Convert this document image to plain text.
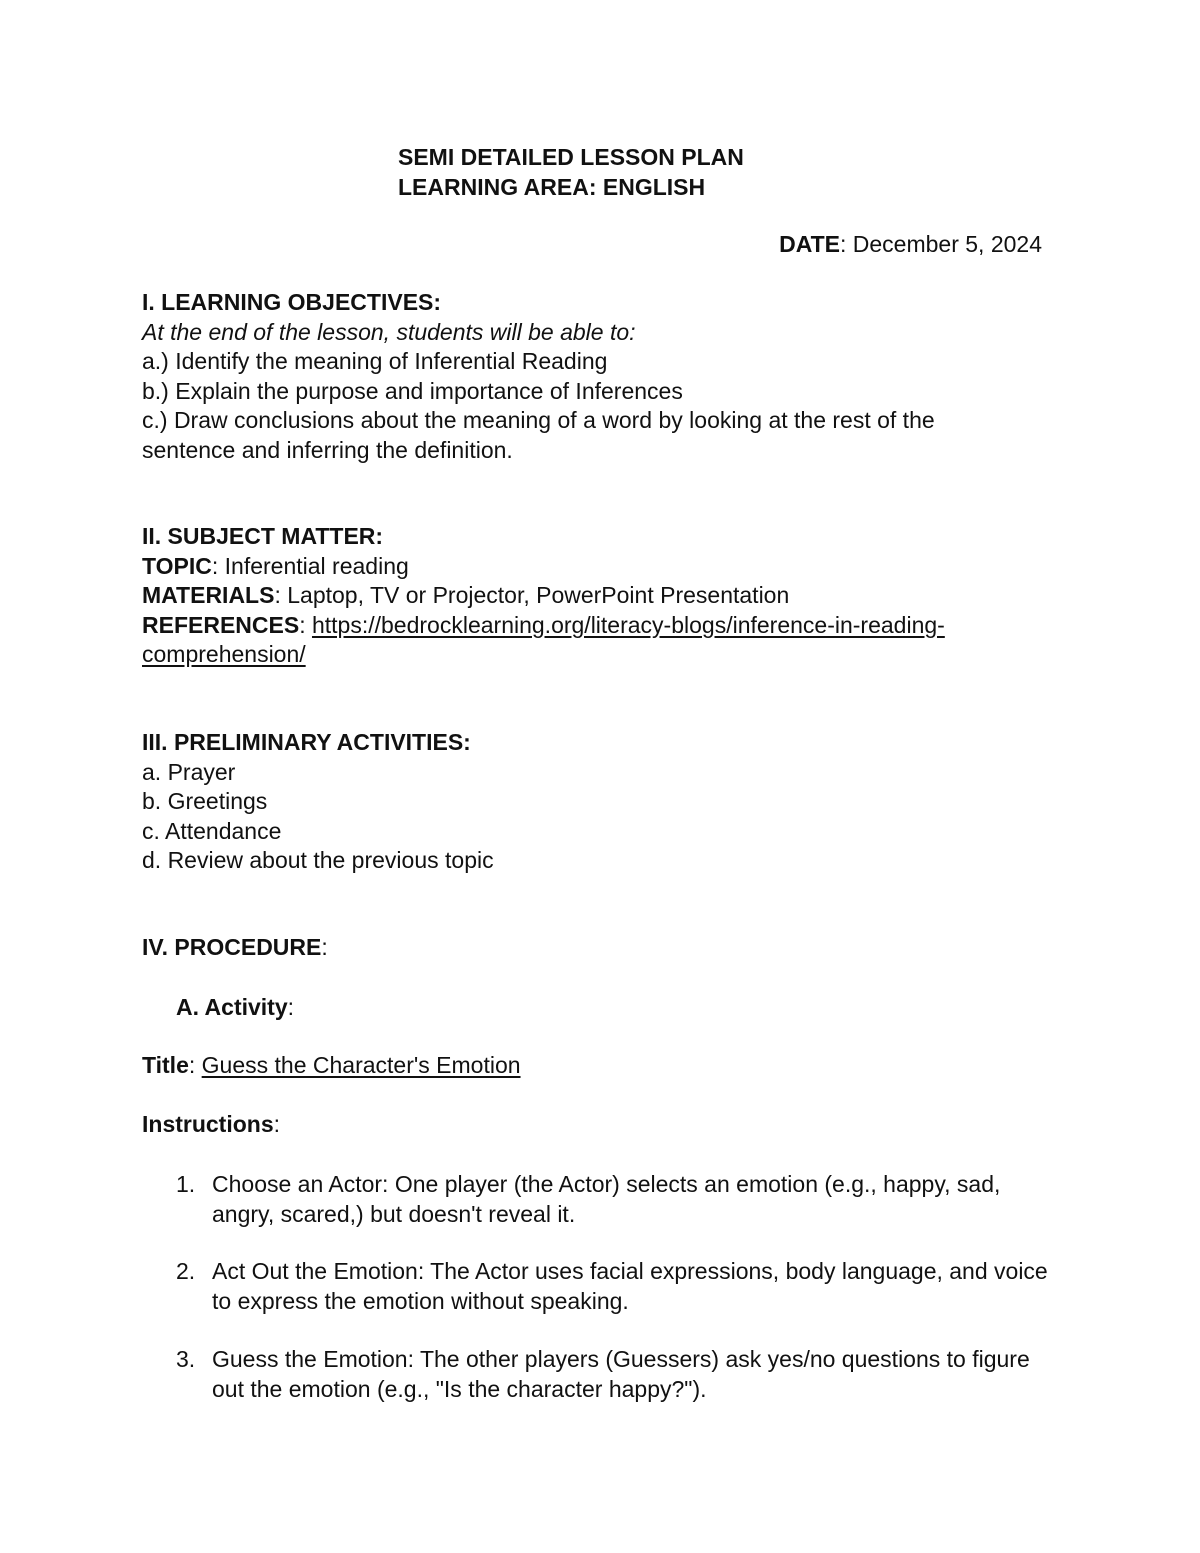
SEMI DETAILED LESSON PLAN
LEARNING AREA: ENGLISH
DATE: December 5, 2024
I. LEARNING OBJECTIVES:
At the end of the lesson, students will be able to:
a.) Identify the meaning of Inferential Reading
b.) Explain the purpose and importance of Inferences
c.) Draw conclusions about the meaning of a word by looking at the rest of the
sentence and inferring the definition.
II. SUBJECT MATTER:
TOPIC: Inferential reading
MATERIALS: Laptop, TV or Projector, PowerPoint Presentation
REFERENCES: https://bedrocklearning.org/literacy-blogs/inference-in-reading-
comprehension/
III. PRELIMINARY ACTIVITIES:
a. Prayer
b. Greetings
c. Attendance
d. Review about the previous topic
IV. PROCEDURE:
A. Activity:
Title: Guess the Character's Emotion
Instructions:
1. Choose an Actor: One player (the Actor) selects an emotion (e.g., happy, sad, angry, scared,) but doesn't reveal it.
2. Act Out the Emotion: The Actor uses facial expressions, body language, and voice to express the emotion without speaking.
3. Guess the Emotion: The other players (Guessers) ask yes/no questions to figure out the emotion (e.g., "Is the character happy?").
